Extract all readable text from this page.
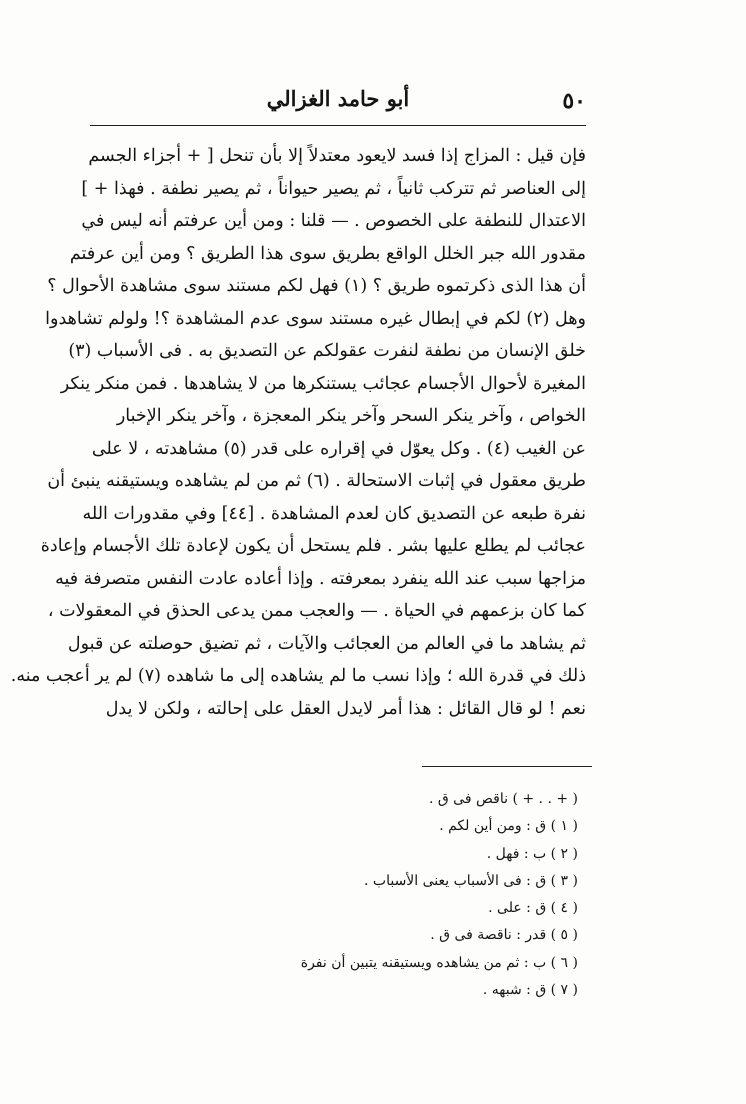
٥٠
أبو حامد الغزالي
فإن قيل : المزاج إذا فسد لايعود معتدلاً إلا بأن تنحل [ + أجزاء الجسم
إلى العناصر ثم تتركب ثانياً ، ثم يصير حيواناً ، ثم يصير نطفة . فهذا + ]
الاعتدال للنطفة على الخصوص . — قلنا : ومن أين عرفتم أنه ليس في
مقدور الله جبر الخلل الواقع بطريق سوى هذا الطريق ؟ ومن أين عرفتم
أن هذا الذى ذكرتموه طريق ؟ (١) فهل لكم مستند سوى مشاهدة الأحوال ؟
وهل (٢) لكم في إبطال غيره مستند سوى عدم المشاهدة ؟! ولولم تشاهدوا
خلق الإنسان من نطفة لنفرت عقولكم عن التصديق به . فى الأسباب (٣)
المغيرة لأحوال الأجسام عجائب يستنكرها من لا يشاهدها . فمن منكر ينكر
الخواص ، وآخر ينكر السحر وآخر ينكر المعجزة ، وآخر ينكر الإخبار
عن الغيب (٤) . وكل يعوّل في إقراره على قدر (٥) مشاهدته ، لا على
طريق معقول في إثبات الاستحالة . (٦) ثم من لم يشاهده ويستيقنه ينبئ أن
نفرة طبعه عن التصديق كان لعدم المشاهدة . [٤٤] وفي مقدورات الله
عجائب لم يطلع عليها بشر . فلم يستحل أن يكون لإعادة تلك الأجسام وإعادة
مزاجها سبب عند الله ينفرد بمعرفته . وإذا أعاده عادت النفس متصرفة فيه
كما كان بزعمهم في الحياة . — والعجب ممن يدعى الحذق في المعقولات ،
ثم يشاهد ما في العالم من العجائب والآيات ، ثم تضيق حوصلته عن قبول
ذلك في قدرة الله ؛ وإذا نسب ما لم يشاهده إلى ما شاهده (٧) لم ير أعجب منه.
نعم ! لو قال القائل : هذا أمر لايدل العقل على إحالته ، ولكن لا يدل
( + . . + ) ناقص فى ق .
( ١ ) ق : ومن أين لكم .
( ٢ ) ب : فهل .
( ٣ ) ق : فى الأسباب يعنى الأسباب .
( ٤ ) ق : على .
( ٥ ) قدر : ناقصة فى ق .
( ٦ ) ب : ثم من يشاهده ويستيقنه يتبين أن نفرة
( ٧ ) ق : شبهه .
